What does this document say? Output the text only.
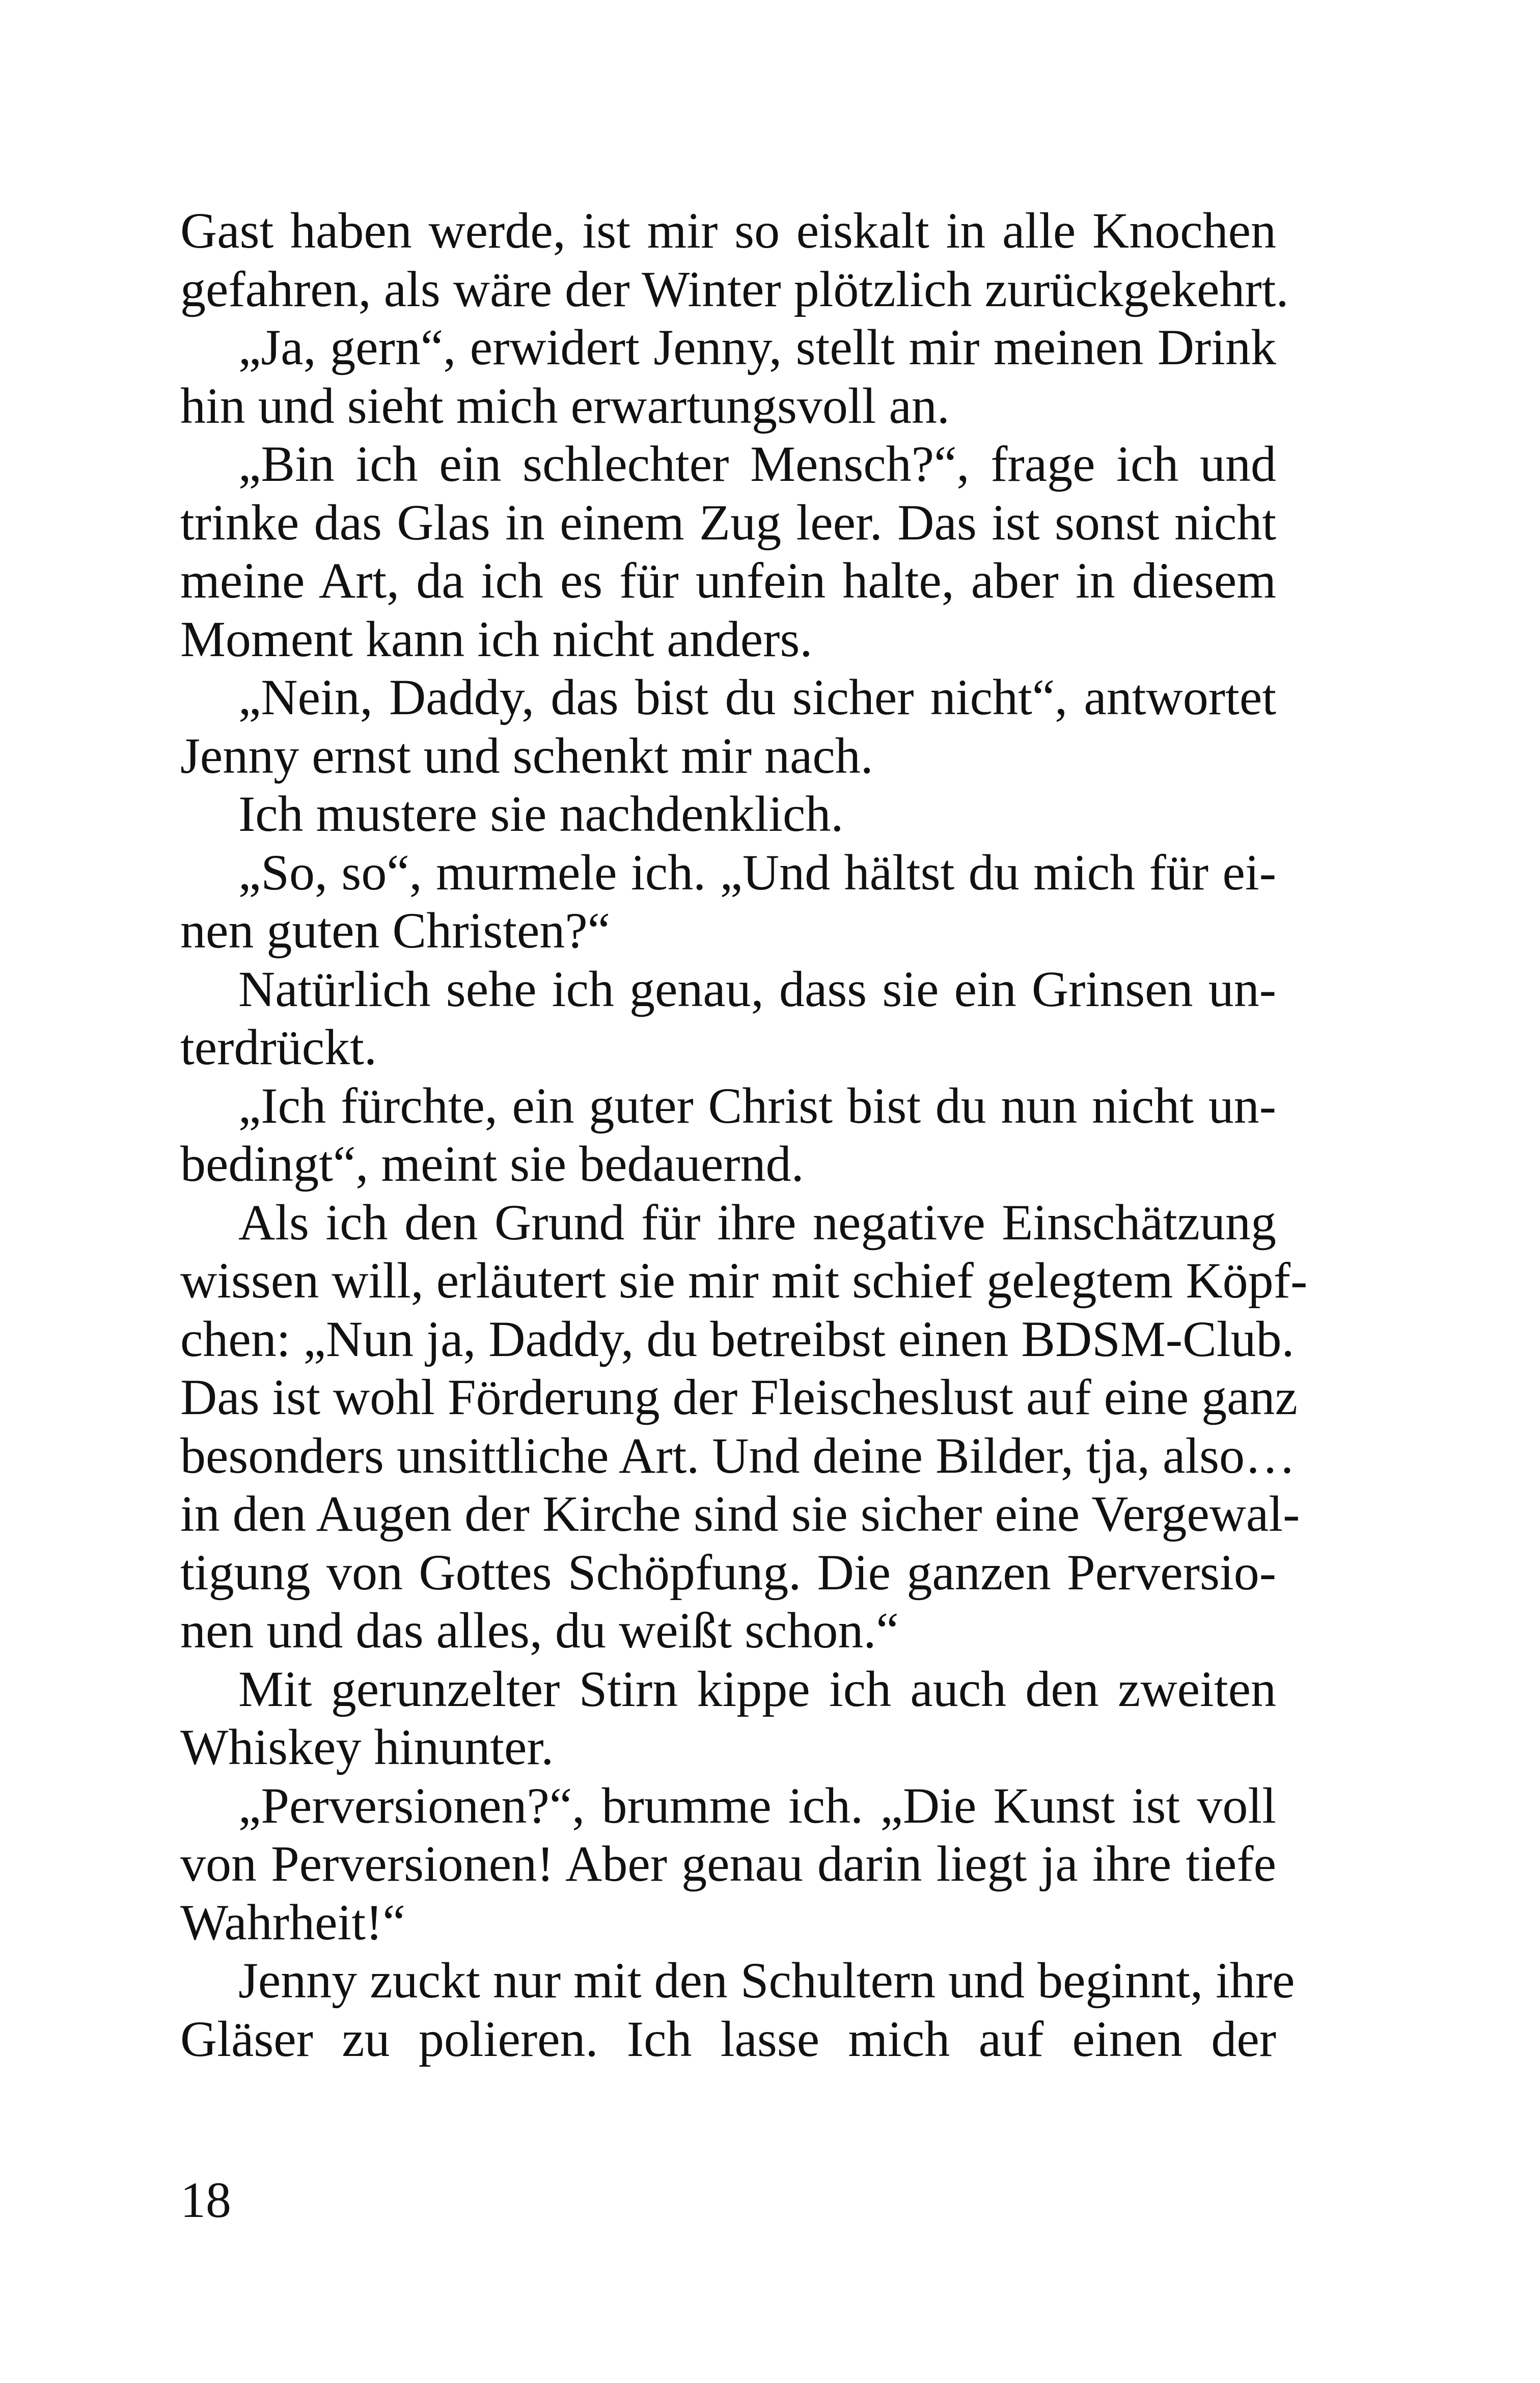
Gast haben werde, ist mir so eiskalt in alle Knochen
gefahren, als wäre der Winter plötzlich zurückgekehrt.
„Ja, gern“, erwidert Jenny, stellt mir meinen Drink
hin und sieht mich erwartungsvoll an.
„Bin ich ein schlechter Mensch?“, frage ich und
trinke das Glas in einem Zug leer. Das ist sonst nicht
meine Art, da ich es für unfein halte, aber in diesem
Moment kann ich nicht anders.
„Nein, Daddy, das bist du sicher nicht“, antwortet
Jenny ernst und schenkt mir nach.
Ich mustere sie nachdenklich.
„So, so“, murmele ich. „Und hältst du mich für ei-
nen guten Christen?“
Natürlich sehe ich genau, dass sie ein Grinsen un-
terdrückt.
„Ich fürchte, ein guter Christ bist du nun nicht un-
bedingt“, meint sie bedauernd.
Als ich den Grund für ihre negative Einschätzung
wissen will, erläutert sie mir mit schief gelegtem Köpf-
chen: „Nun ja, Daddy, du betreibst einen BDSM-Club.
Das ist wohl Förderung der Fleischeslust auf eine ganz
besonders unsittliche Art. Und deine Bilder, tja, also…
in den Augen der Kirche sind sie sicher eine Vergewal-
tigung von Gottes Schöpfung. Die ganzen Perversio-
nen und das alles, du weißt schon.“
Mit gerunzelter Stirn kippe ich auch den zweiten
Whiskey hinunter.
„Perversionen?“, brumme ich. „Die Kunst ist voll
von Perversionen! Aber genau darin liegt ja ihre tiefe
Wahrheit!“
Jenny zuckt nur mit den Schultern und beginnt, ihre
Gläser zu polieren. Ich lasse mich auf einen der
18
